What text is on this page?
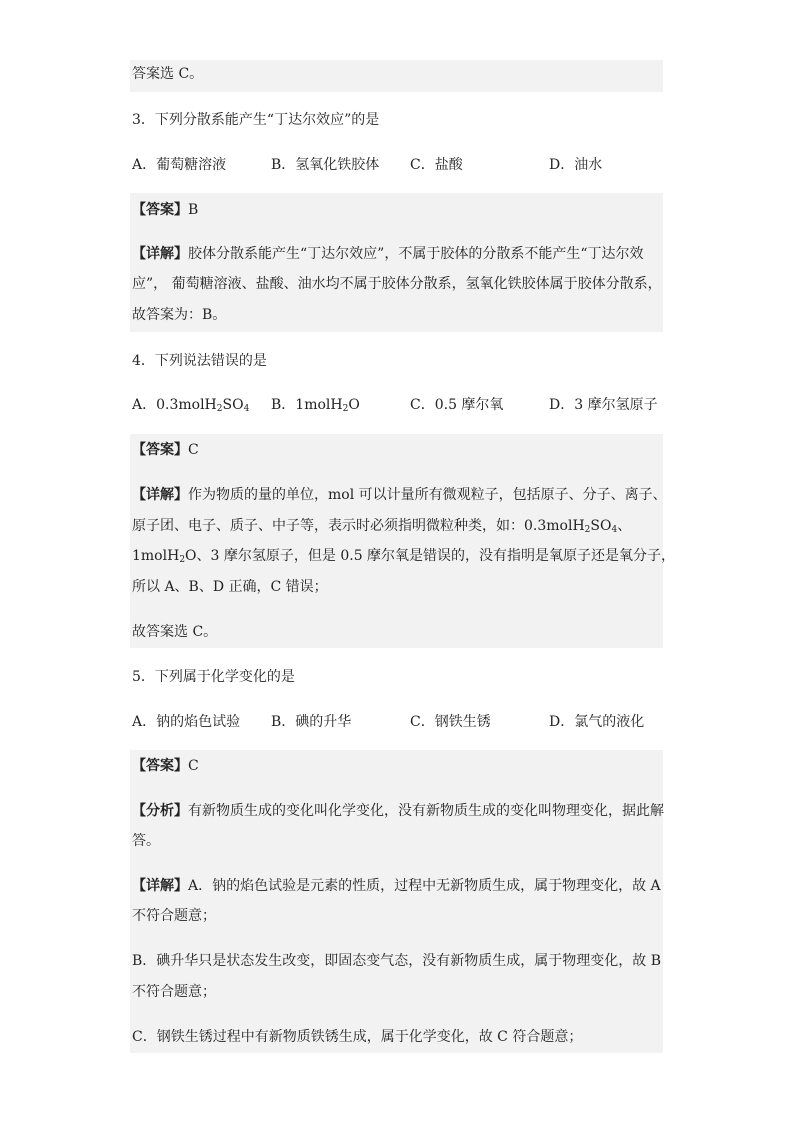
答案选 C。
3．下列分散系能产生“丁达尔效应”的是
A．葡萄糖溶液	B．氢氧化铁胶体 C．盐酸	D．油水
【答案】B
【详解】胶体分散系能产生“丁达尔效应”，不属于胶体的分散系不能产生“丁达尔效
应”， 葡萄糖溶液、盐酸、油水均不属于胶体分散系，氢氧化铁胶体属于胶体分散系，
故答案为：B。
4．下列说法错误的是
A．$0.3molH_2SO_4$ B．1molH$_2$O	C．0.5 摩尔氧	D．3 摩尔氢原子
【答案】C
【详解】作为物质的量的单位，mol 可以计量所有微观粒子，包括原子、分子、离子、
原子团、电子、质子、中子等，表示时必须指明微粒种类，如：$0.3molH_2SO_4$、
1molH$_2$O、3 摩尔氢原子，但是 0.5 摩尔氧是错误的，没有指明是氧原子还是氧分子，
所以 A、B、D 正确，C 错误；
故答案选 C。
5．下列属于化学变化的是
A．钠的焰色试验 B．碘的升华	C．钢铁生锈	D．氯气的液化
【答案】C
【分析】有新物质生成的变化叫化学变化，没有新物质生成的变化叫物理变化，据此解
答。
【详解】A．钠的焰色试验是元素的性质，过程中无新物质生成，属于物理变化，故 A
不符合题意；
B．碘升华只是状态发生改变，即固态变气态，没有新物质生成，属于物理变化，故 B
不符合题意；
C．钢铁生锈过程中有新物质铁锈生成，属于化学变化，故 C 符合题意；
